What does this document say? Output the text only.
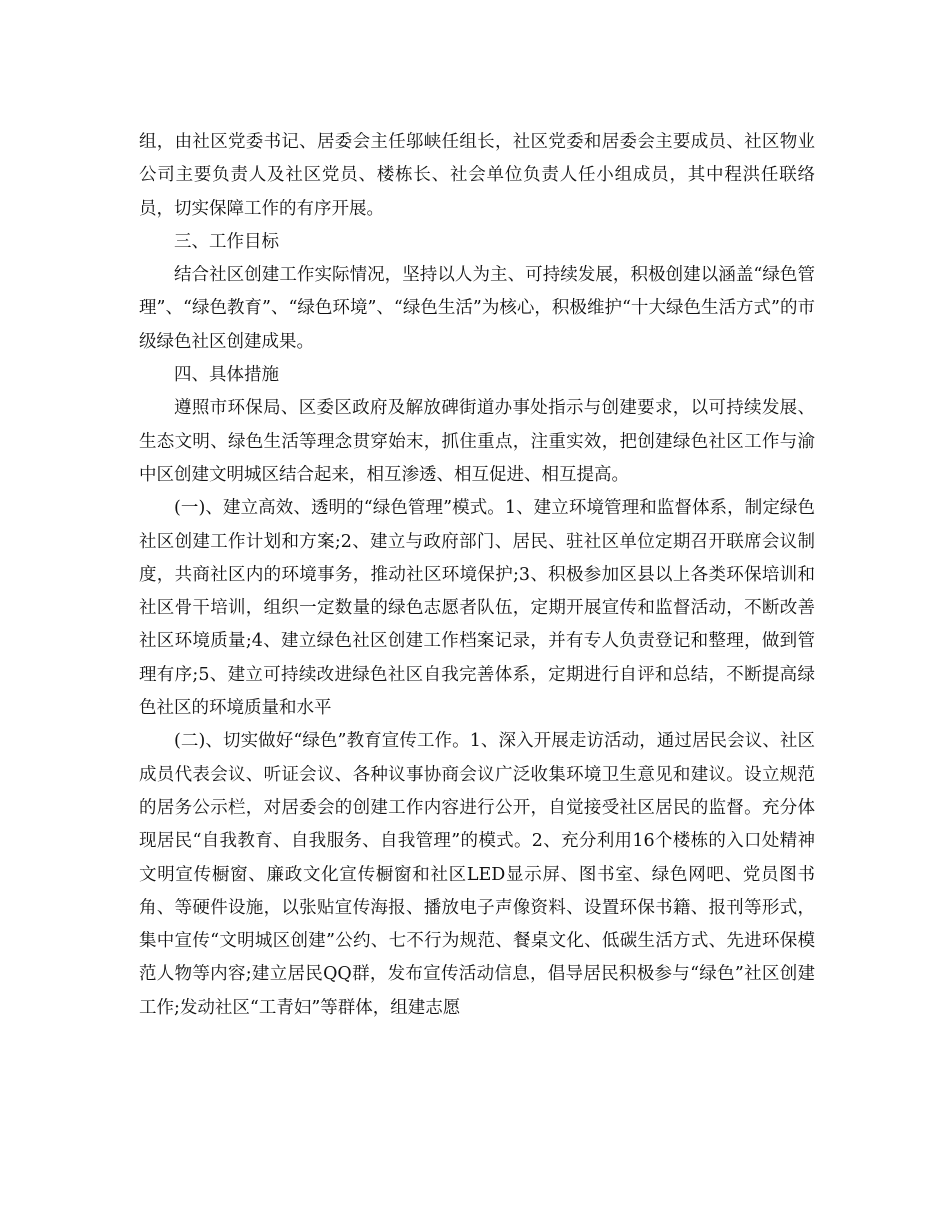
组，由社区党委书记、居委会主任邬峡任组长，社区党委和居委会主要成员、社区物业公司主要负责人及社区党员、楼栋长、社会单位负责人任小组成员，其中程洪任联络员，切实保障工作的有序开展。

三、工作目标

结合社区创建工作实际情况，坚持以人为主、可持续发展，积极创建以涵盖“绿色管理”、“绿色教育”、“绿色环境”、“绿色生活”为核心，积极维护“十大绿色生活方式”的市级绿色社区创建成果。

四、具体措施

遵照市环保局、区委区政府及解放碑街道办事处指示与创建要求，以可持续发展、生态文明、绿色生活等理念贯穿始末，抓住重点，注重实效，把创建绿色社区工作与渝中区创建文明城区结合起来，相互渗透、相互促进、相互提高。

(一)、建立高效、透明的“绿色管理”模式。1、建立环境管理和监督体系，制定绿色社区创建工作计划和方案;2、建立与政府部门、居民、驻社区单位定期召开联席会议制度，共商社区内的环境事务，推动社区环境保护;3、积极参加区县以上各类环保培训和社区骨干培训，组织一定数量的绿色志愿者队伍，定期开展宣传和监督活动，不断改善社区环境质量;4、建立绿色社区创建工作档案记录，并有专人负责登记和整理，做到管理有序;5、建立可持续改进绿色社区自我完善体系，定期进行自评和总结，不断提高绿色社区的环境质量和水平

(二)、切实做好“绿色”教育宣传工作。1、深入开展走访活动，通过居民会议、社区成员代表会议、听证会议、各种议事协商会议广泛收集环境卫生意见和建议。设立规范的居务公示栏，对居委会的创建工作内容进行公开，自觉接受社区居民的监督。充分体现居民“自我教育、自我服务、自我管理”的模式。2、充分利用16个楼栋的入口处精神文明宣传橱窗、廉政文化宣传橱窗和社区LED显示屏、图书室、绿色网吧、党员图书角、等硬件设施，以张贴宣传海报、播放电子声像资料、设置环保书籍、报刊等形式，集中宣传“文明城区创建”公约、七不行为规范、餐桌文化、低碳生活方式、先进环保模范人物等内容;建立居民QQ群，发布宣传活动信息，倡导居民积极参与“绿色”社区创建工作;发动社区“工青妇”等群体，组建志愿
